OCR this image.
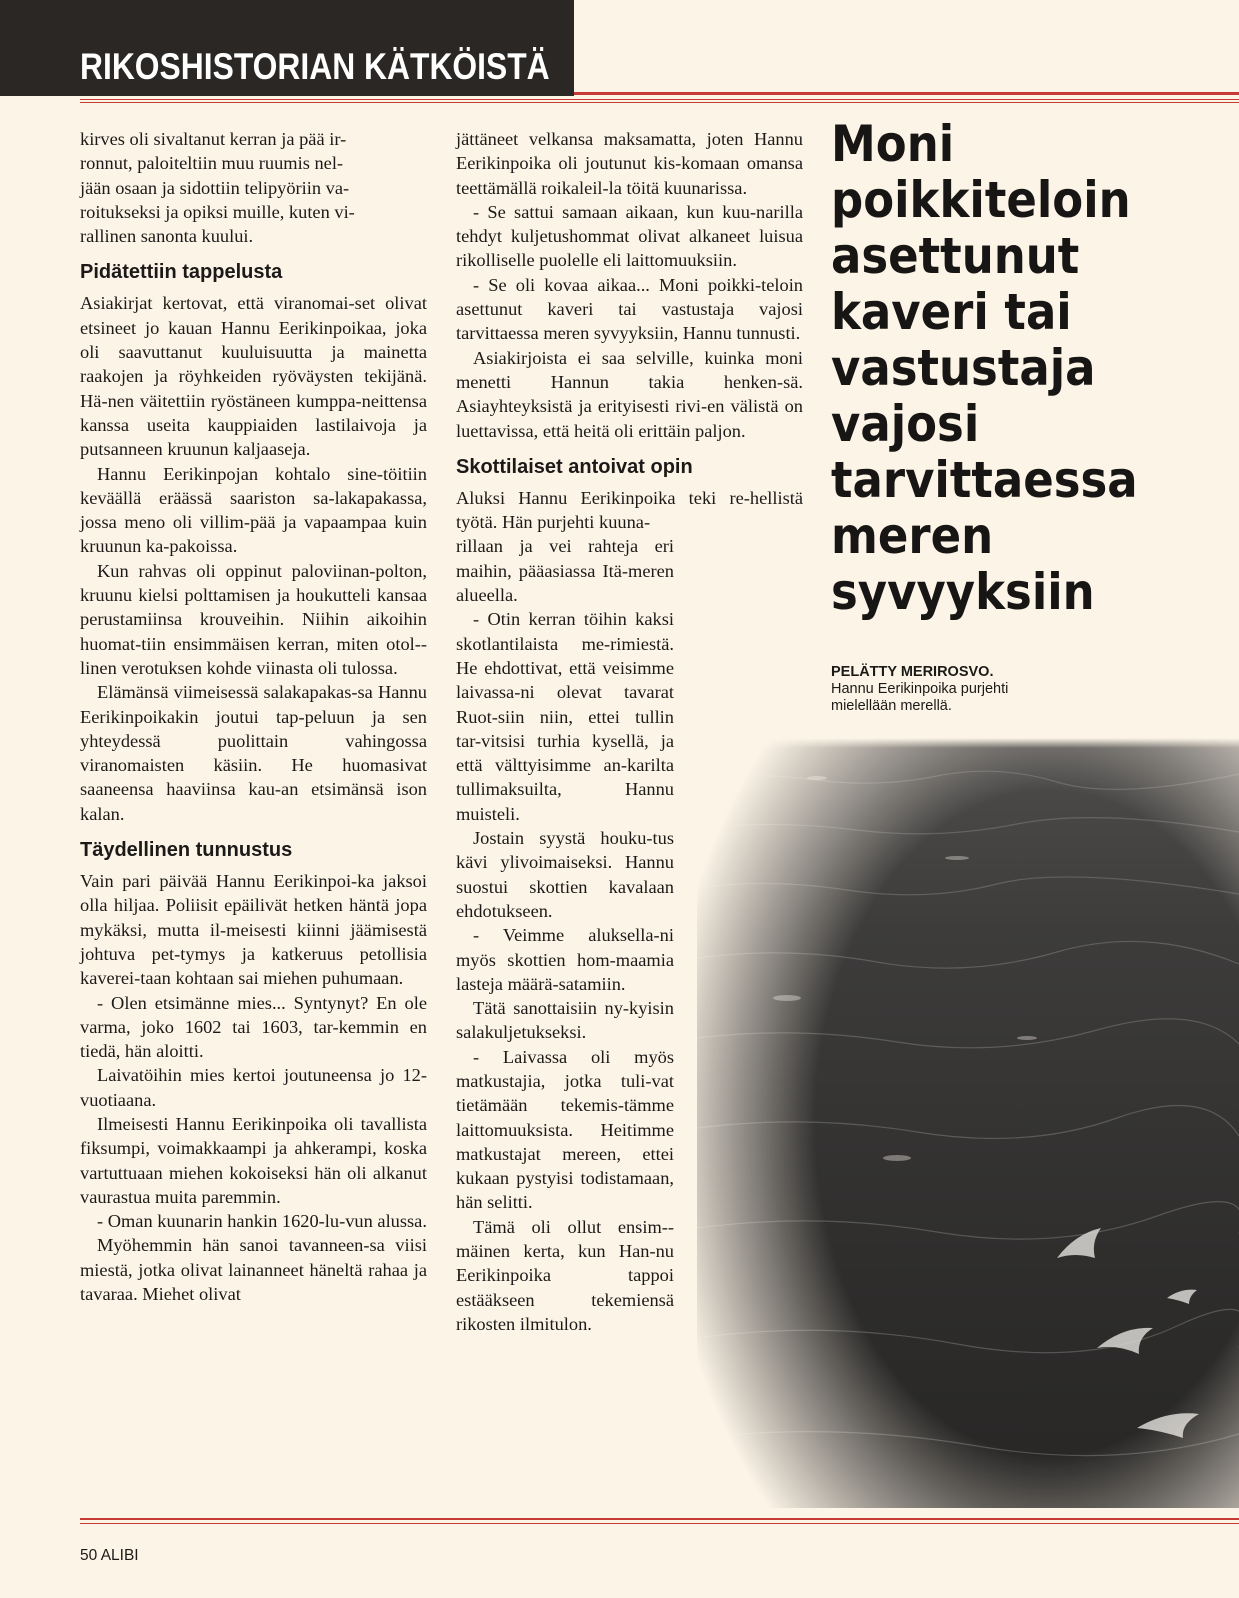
RIKOSHISTORIAN KÄTKÖISTÄ

kirves oli sivaltanut kerran ja pää ir-

ronnut, paloiteltiin muu ruumis nel-

jään osaan ja sidottiin telipyöriin va-

roitukseksi ja opiksi muille, kuten vi-

rallinen sanonta kuului.

Pidätettiin tappelusta

Asiakirjat kertovat, että viranomai-set olivat etsineet jo kauan Hannu Eerikinpoikaa, joka oli saavuttanut kuuluisuutta ja mainetta raakojen ja röyhkeiden ryöväysten tekijänä. Hä-nen väitettiin ryöstäneen kumppa-neittensa kanssa useita kauppiaiden lastilaivoja ja putsanneen kruunun kaljaaseja.

Hannu Eerikinpojan kohtalo sine-töitiin keväällä eräässä saariston sa-lakapakassa, jossa meno oli villim-pää ja vapaampaa kuin kruunun ka-pakoissa.

Kun rahvas oli oppinut paloviinan-polton, kruunu kielsi polttamisen ja houkutteli kansaa perustamiinsa krouveihin. Niihin aikoihin huomat-tiin ensimmäisen kerran, miten otol-linen verotuksen kohde viinasta oli tulossa.

Elämänsä viimeisessä salakapakas-sa Hannu Eerikinpoikakin joutui tap-peluun ja sen yhteydessä puolittain vahingossa viranomaisten käsiin. He huomasivat saaneensa haaviinsa kau-an etsimänsä ison kalan.

Täydellinen tunnustus

Vain pari päivää Hannu Eerikinpoi-ka jaksoi olla hiljaa. Poliisit epäilivät hetken häntä jopa mykäksi, mutta il-meisesti kiinni jäämisestä johtuva pet-tymys ja katkeruus petollisia kaverei-taan kohtaan sai miehen puhumaan.

- Olen etsimänne mies... Syntynyt? En ole varma, joko 1602 tai 1603, tar-kemmin en tiedä, hän aloitti.

Laivatöihin mies kertoi joutuneensa jo 12-vuotiaana.

Ilmeisesti Hannu Eerikinpoika oli tavallista fiksumpi, voimakkaampi ja ahkerampi, koska vartuttuaan miehen kokoiseksi hän oli alkanut vaurastua muita paremmin.

- Oman kuunarin hankin 1620-lu-vun alussa.

Myöhemmin hän sanoi tavanneen-sa viisi miestä, jotka olivat lainanneet häneltä rahaa ja tavaraa. Miehet olivat

jättäneet velkansa maksamatta, joten Hannu Eerikinpoika oli joutunut kis-komaan omansa teettämällä roikaleil-la töitä kuunarissa.

- Se sattui samaan aikaan, kun kuu-narilla tehdyt kuljetushommat olivat alkaneet luisua rikolliselle puolelle eli laittomuuksiin.

- Se oli kovaa aikaa... Moni poikki-teloin asettunut kaveri tai vastustaja vajosi tarvittaessa meren syvyyksiin, Hannu tunnusti.

Asiakirjoista ei saa selville, kuinka moni menetti Hannun takia henken-sä. Asiayhteyksistä ja erityisesti rivi-en välistä on luettavissa, että heitä oli erittäin paljon.

Skottilaiset antoivat opin

Aluksi Hannu Eerikinpoika teki re-hellistä työtä. Hän purjehti kuuna-

rillaan ja vei rahteja eri maihin, pääasiassa Itä-meren alueella.

- Otin kerran töihin kaksi skotlantilaista me-rimiestä. He ehdottivat, että veisimme laivassa-ni olevat tavarat Ruot-siin niin, ettei tullin tar-vitsisi turhia kysellä, ja että välttyisimme an-karilta tullimaksuilta, Hannu muisteli.

Jostain syystä houku-tus kävi ylivoimaiseksi. Hannu suostui skottien kavalaan ehdotukseen.

- Veimme aluksella-ni myös skottien hom-maamia lasteja määrä-satamiin.

Tätä sanottaisiin ny-kyisin salakuljetukseksi.

- Laivassa oli myös matkustajia, jotka tuli-vat tietämään tekemis-tämme laittomuuksista. Heitimme matkustajat mereen, ettei kukaan pystyisi todistamaan, hän selitti.

Tämä oli ollut ensim-mäinen kerta, kun Han-nu Eerikinpoika tappoi estääkseen tekemiensä rikosten ilmitulon.

Moni
poikkiteloin
asettunut
kaveri tai
vastustaja
vajosi
tarvittaessa
meren
syvyyksiin
PELÄTTY MERIROSVO.
Hannu Eerikinpoika purjehti mielellään merellä.
50 ALIBI
